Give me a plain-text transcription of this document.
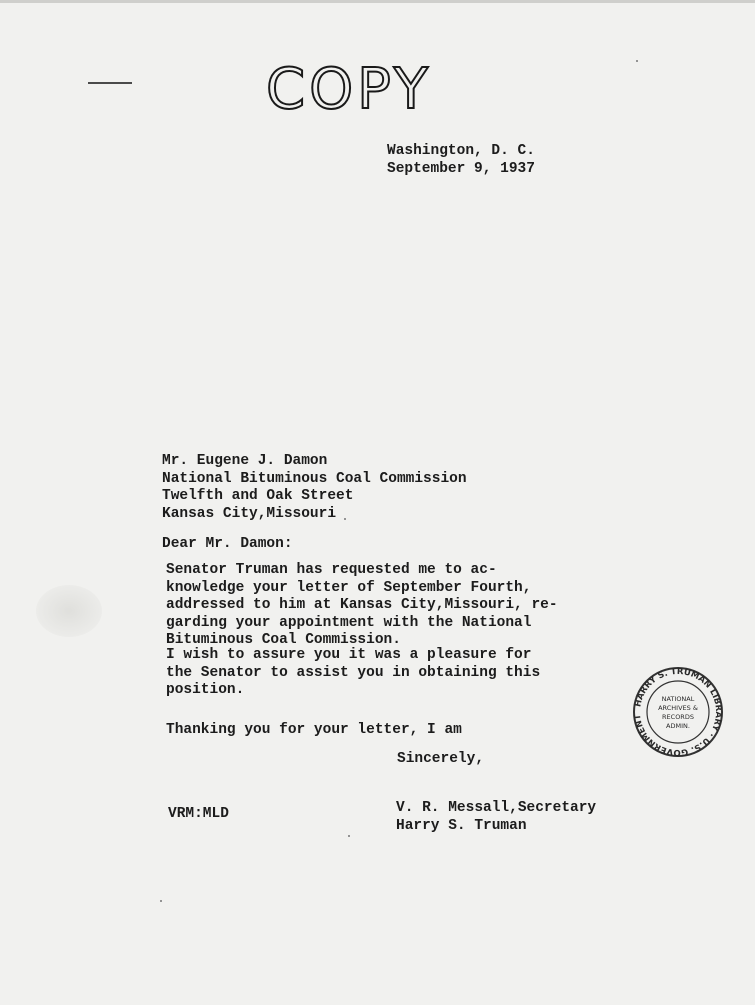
COPY
Washington, D. C.
September 9, 1937
Mr. Eugene J. Damon
National Bituminous Coal Commission
Twelfth and Oak Street
Kansas City,Missouri
Dear Mr. Damon:
Senator Truman has requested me to ac-
knowledge your letter of September Fourth,
addressed to him at Kansas City,Missouri, re-
garding your appointment with the National
Bituminous Coal Commission.
I wish to assure you it was a pleasure for
the Senator to assist you in obtaining this
position.
Thanking you for your letter, I am
Sincerely,
VRM:MLD	V. R. Messall,Secretary
Harry S. Truman
HARRY S. TRUMAN LIBRARY · U.S. GOVERNMENT
NATIONAL
ARCHIVES &
RECORDS
ADMIN.
